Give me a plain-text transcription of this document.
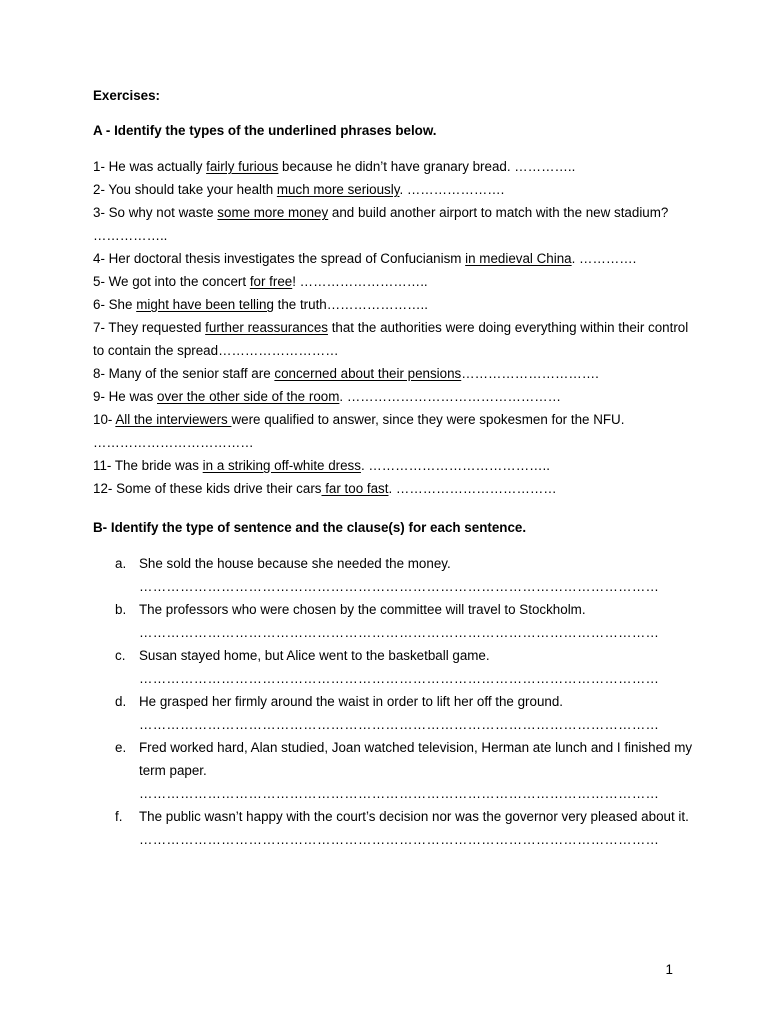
Exercises:

A - Identify the types of the underlined phrases below.

1- He was actually fairly furious because he didn’t have granary bread. …………..
2- You should take your health much more seriously. ………………….
3- So why not waste some more money and build another airport to match with the new stadium? ……………..
4- Her doctoral thesis investigates the spread of Confucianism in medieval China. ………….
5- We got into the concert for free! ………………………..
6- She might have been telling the truth…………………..
7- They requested further reassurances that the authorities were doing everything within their control to contain the spread………………………
8- Many of the senior staff are concerned about their pensions………………………….
9- He was over the other side of the room. …………………………………………
10- All the interviewers were qualified to answer, since they were spokesmen for the NFU. ………………………………
11- The bride was in a striking off-white dress. …………………………………..
12- Some of these kids drive their cars far too fast. ………………………………

B- Identify the type of sentence and the clause(s) for each sentence.

a. She sold the house because she needed the money.
……………………………………………………………………………………………………
b. The professors who were chosen by the committee will travel to Stockholm.
……………………………………………………………………………………………………
c. Susan stayed home, but Alice went to the basketball game.
……………………………………………………………………………………………………
d. He grasped her firmly around the waist in order to lift her off the ground.
……………………………………………………………………………………………………
e. Fred worked hard, Alan studied, Joan watched television, Herman ate lunch and I finished my term paper.
……………………………………………………………………………………………………
f. The public wasn’t happy with the court’s decision nor was the governor very pleased about it.
……………………………………………………………………………………………………
1
